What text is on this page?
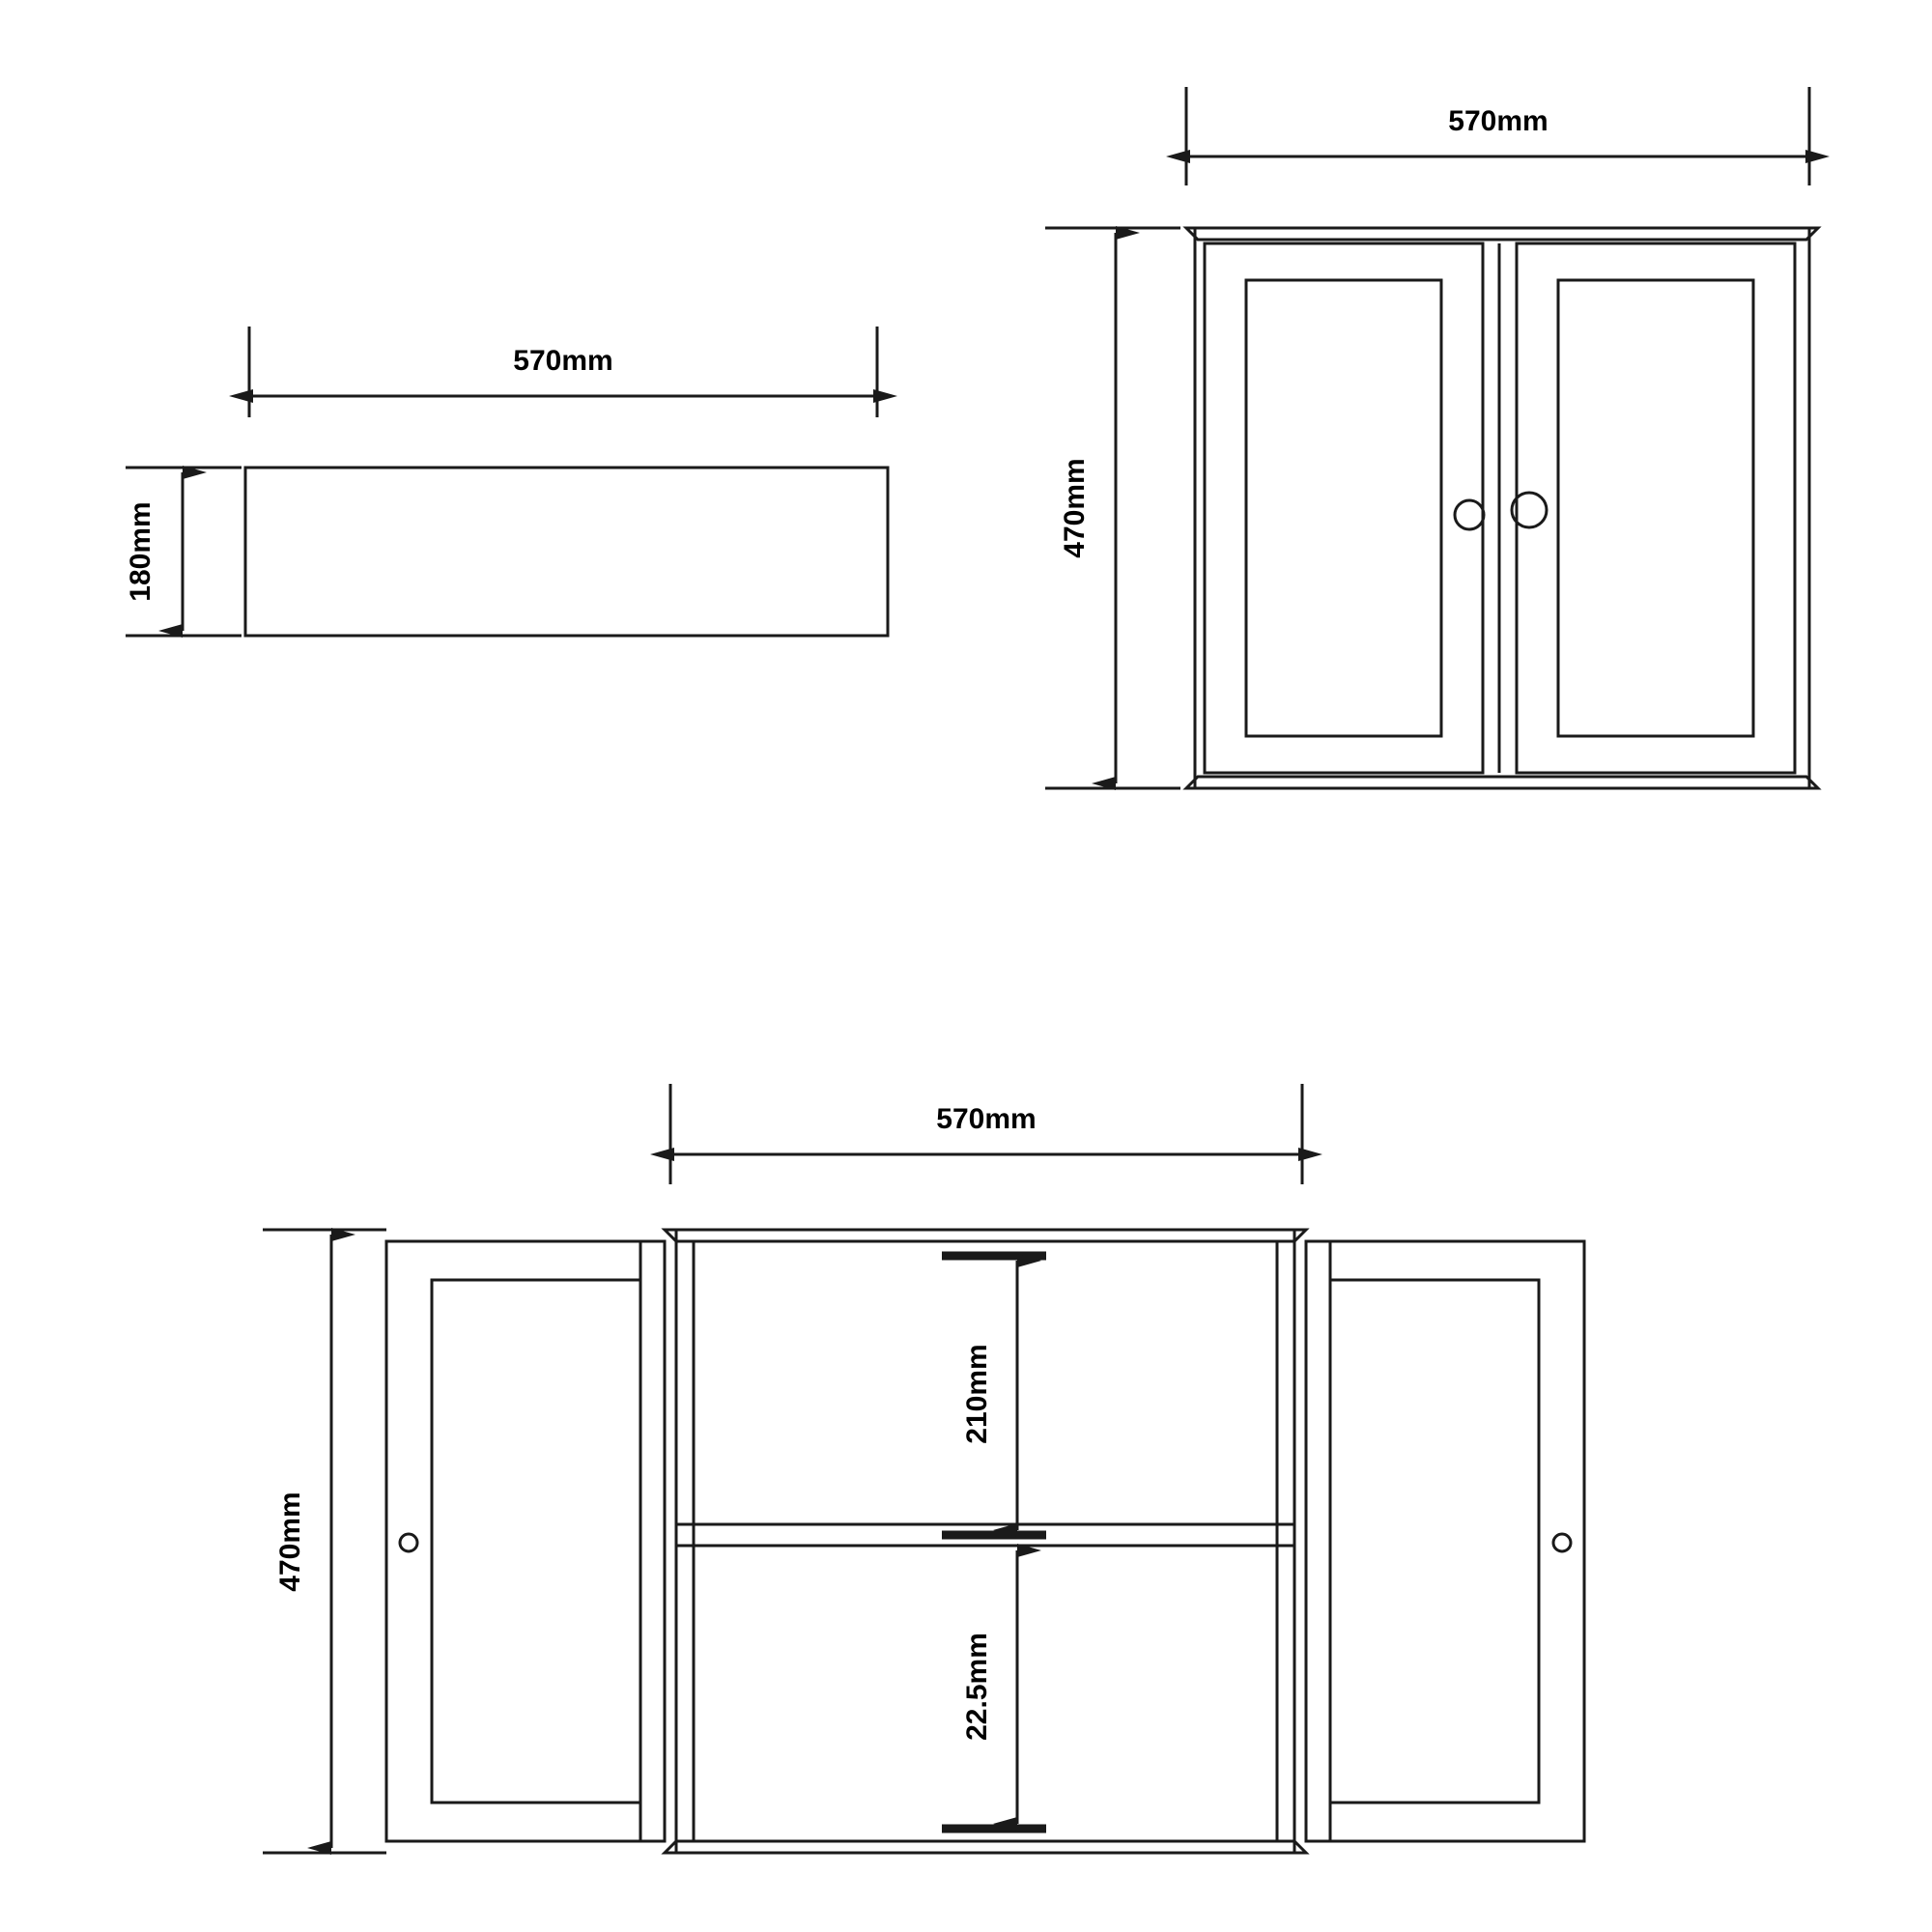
570mm
180mm
570mm
470mm
570mm
470mm
210mm
22.5mm
